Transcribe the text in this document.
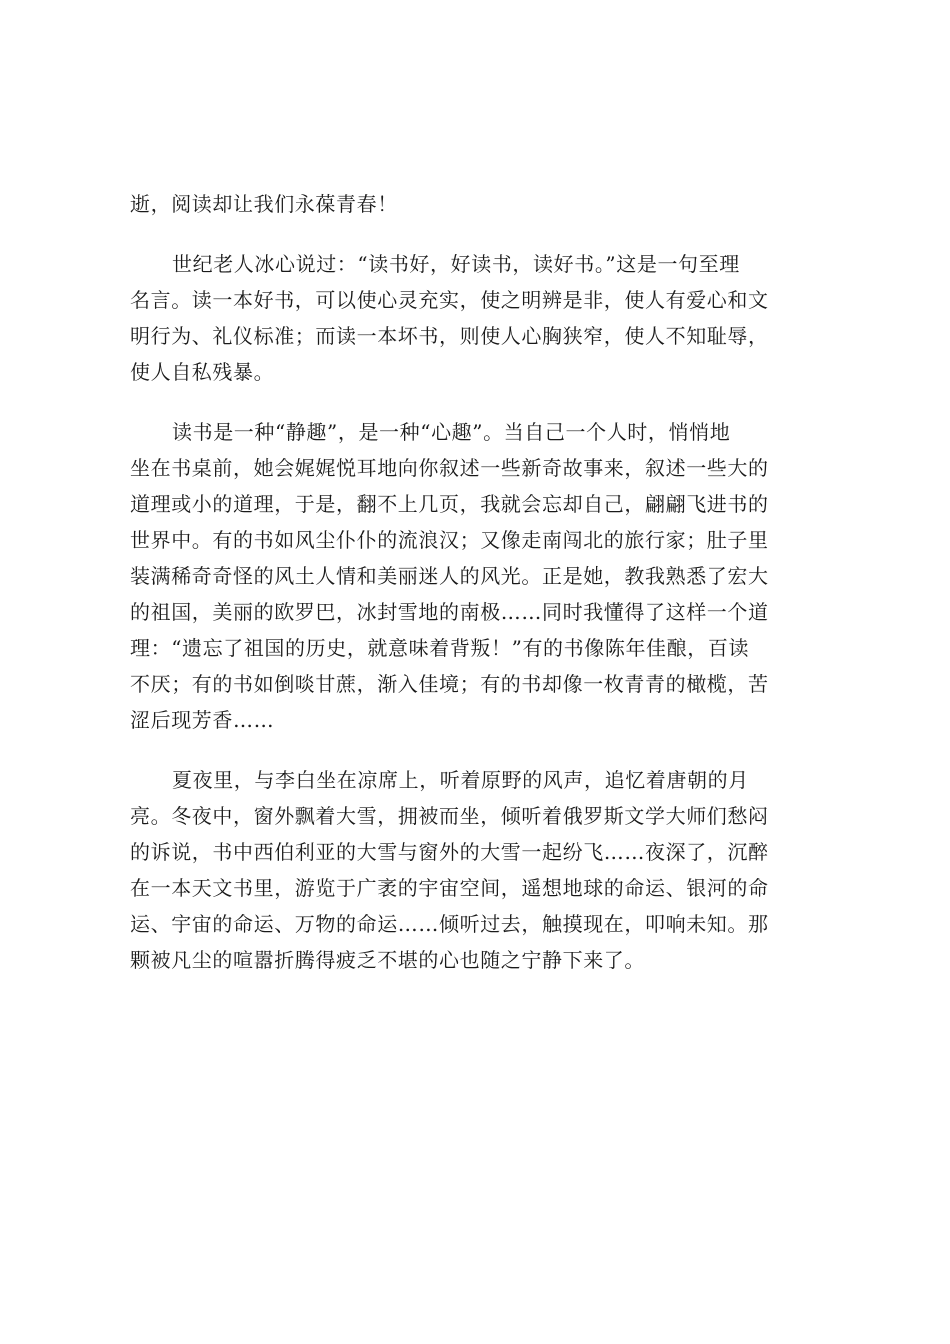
逝，阅读却让我们永葆青春！
世纪老人冰心说过：“读书好，好读书，读好书。”这是一句至理
名言。读一本好书，可以使心灵充实，使之明辨是非，使人有爱心和文
明行为、礼仪标准；而读一本坏书，则使人心胸狭窄，使人不知耻辱，
使人自私残暴。
读书是一种“静趣”，是一种“心趣”。当自己一个人时，悄悄地
坐在书桌前，她会娓娓悦耳地向你叙述一些新奇故事来，叙述一些大的
道理或小的道理，于是，翻不上几页，我就会忘却自己，翩翩飞进书的
世界中。有的书如风尘仆仆的流浪汉；又像走南闯北的旅行家；肚子里
装满稀奇奇怪的风土人情和美丽迷人的风光。正是她，教我熟悉了宏大
的祖国，美丽的欧罗巴，冰封雪地的南极……同时我懂得了这样一个道
理：“遗忘了祖国的历史，就意味着背叛！”有的书像陈年佳酿，百读
不厌；有的书如倒啖甘蔗，渐入佳境；有的书却像一枚青青的橄榄，苦
涩后现芳香……
夏夜里，与李白坐在凉席上，听着原野的风声，追忆着唐朝的月
亮。冬夜中，窗外飘着大雪，拥被而坐，倾听着俄罗斯文学大师们愁闷
的诉说，书中西伯利亚的大雪与窗外的大雪一起纷飞……夜深了，沉醉
在一本天文书里，游览于广袤的宇宙空间，遥想地球的命运、银河的命
运、宇宙的命运、万物的命运……倾听过去，触摸现在，叩响未知。那
颗被凡尘的喧嚣折腾得疲乏不堪的心也随之宁静下来了。
